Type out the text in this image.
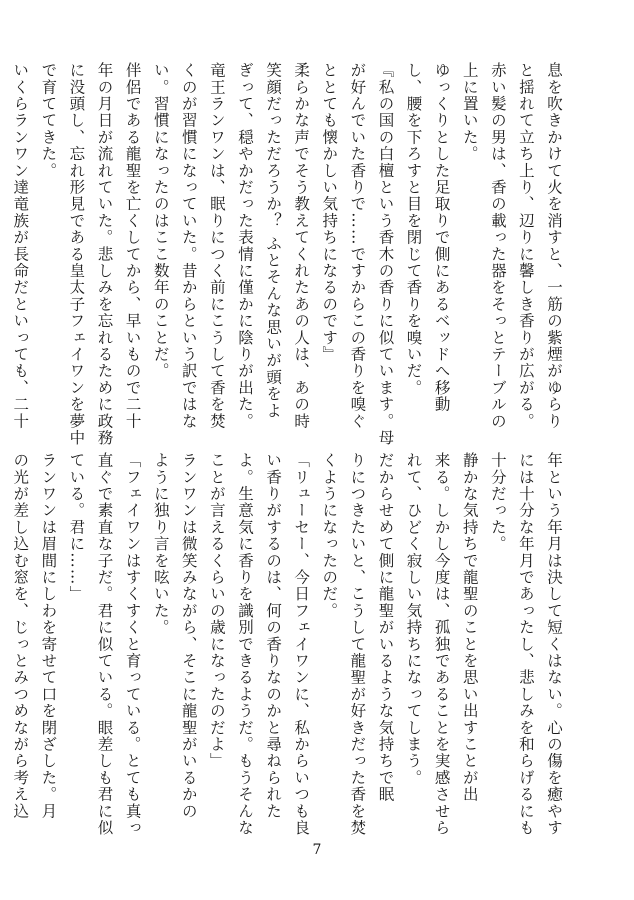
息を吹きかけて火を消すと、一筋の紫煙がゆらり
と揺れて立ち上り、辺りに馨しき香りが広がる。
赤い髪の男は、香の載った器をそっとテーブルの
上に置いた。
ゆっくりとした足取りで側にあるベッドへ移動
し、腰を下ろすと目を閉じて香りを嗅いだ。
『私の国の白檀という香木の香りに似ています。母
が好んでいた香りで……ですからこの香りを嗅ぐ
ととても懐かしい気持ちになるのです』
柔らかな声でそう教えてくれたあの人は、あの時
笑顔だっただろうか？ ふとそんな思いが頭をよ
ぎって、穏やかだった表情に僅かに陰りが出た。
竜王ランワンは、眠りにつく前にこうして香を焚
くのが習慣になっていた。昔からという訳ではな
い。習慣になったのはここ数年のことだ。
伴侶である龍聖を亡くしてから、早いもので二十
年の月日が流れていた。悲しみを忘れるために政務
に没頭し、忘れ形見である皇太子フェイワンを夢中
で育ててきた。
いくらランワン達竜族が長命だといっても、二十
年という年月は決して短くはない。心の傷を癒やす
には十分な年月であったし、悲しみを和らげるにも
十分だった。
静かな気持ちで龍聖のことを思い出すことが出
来る。しかし今度は、孤独であることを実感させら
れて、ひどく寂しい気持ちになってしまう。
だからせめて側に龍聖がいるような気持ちで眠
りにつきたいと、こうして龍聖が好きだった香を焚
くようになったのだ。
「リューセー、今日フェイワンに、私からいつも良
い香りがするのは、何の香りなのかと尋ねられた
よ。生意気に香りを識別できるようだ。もうそんな
ことが言えるくらいの歳になったのだよ」
ランワンは微笑みながら、そこに龍聖がいるかの
ように独り言を呟いた。
「フェイワンはすくすくと育っている。とても真っ
直ぐで素直な子だ。君に似ている。眼差しも君に似
ている。君に……」
ランワンは眉間にしわを寄せて口を閉ざした。月
の光が差し込む窓を、じっとみつめながら考え込
7
